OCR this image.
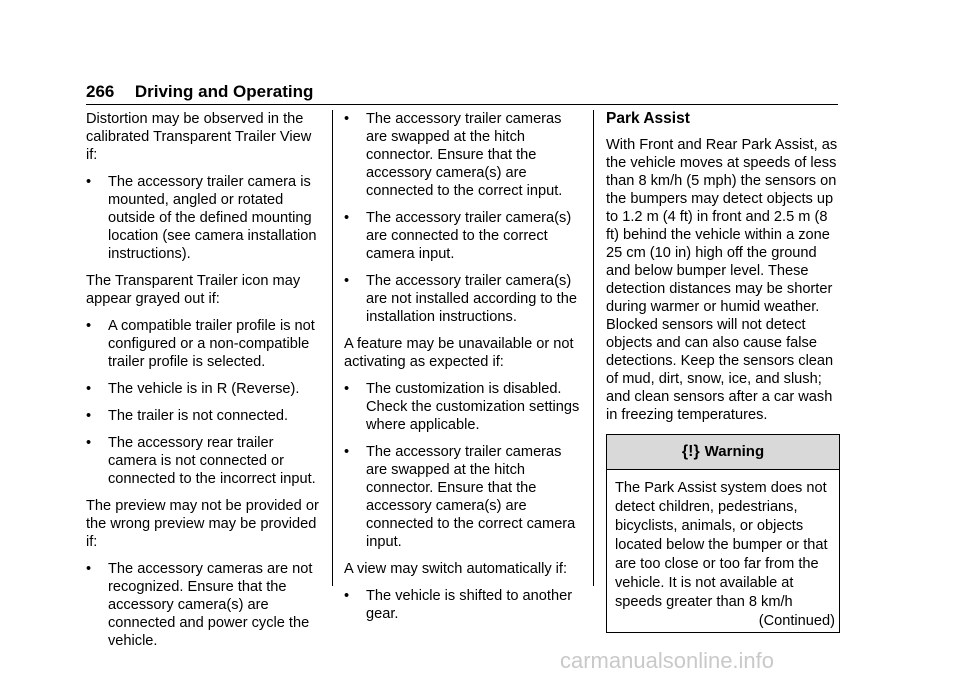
266 Driving and Operating

Distortion may be observed in the calibrated Transparent Trailer View if:

• The accessory trailer camera is mounted, angled or rotated outside of the defined mounting location (see camera installation instructions).

The Transparent Trailer icon may appear grayed out if:

• A compatible trailer profile is not configured or a non-compatible trailer profile is selected.
• The vehicle is in R (Reverse).
• The trailer is not connected.
• The accessory rear trailer camera is not connected or connected to the incorrect input.

The preview may not be provided or the wrong preview may be provided if:

• The accessory cameras are not recognized. Ensure that the accessory camera(s) are connected and power cycle the vehicle.
• The accessory trailer cameras are swapped at the hitch connector. Ensure that the accessory camera(s) are connected to the correct input.
• The accessory trailer camera(s) are connected to the correct camera input.
• The accessory trailer camera(s) are not installed according to the installation instructions.

A feature may be unavailable or not activating as expected if:

• The customization is disabled. Check the customization settings where applicable.
• The accessory trailer cameras are swapped at the hitch connector. Ensure that the accessory camera(s) are connected to the correct camera input.

A view may switch automatically if:

• The vehicle is shifted to another gear.
Park Assist

With Front and Rear Park Assist, as the vehicle moves at speeds of less than 8 km/h (5 mph) the sensors on the bumpers may detect objects up to 1.2 m (4 ft) in front and 2.5 m (8 ft) behind the vehicle within a zone 25 cm (10 in) high off the ground and below bumper level. These detection distances may be shorter during warmer or humid weather. Blocked sensors will not detect objects and can also cause false detections. Keep the sensors clean of mud, dirt, snow, ice, and slush; and clean sensors after a car wash in freezing temperatures.

{!} Warning
The Park Assist system does not detect children, pedestrians, bicyclists, animals, or objects located below the bumper or that are too close or too far from the vehicle. It is not available at speeds greater than 8 km/h
(Continued)
carmanualsonline.info
